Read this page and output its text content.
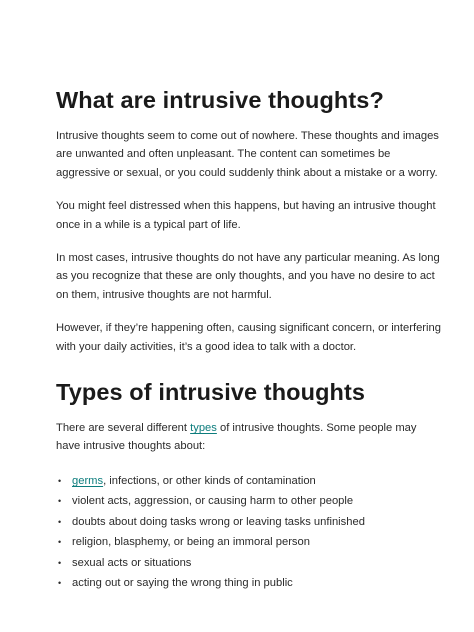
What are intrusive thoughts?

Intrusive thoughts seem to come out of nowhere. These thoughts and images
are unwanted and often unpleasant. The content can sometimes be
aggressive or sexual, or you could suddenly think about a mistake or a worry.

You might feel distressed when this happens, but having an intrusive thought
once in a while is a typical part of life.

In most cases, intrusive thoughts do not have any particular meaning. As long
as you recognize that these are only thoughts, and you have no desire to act
on them, intrusive thoughts are not harmful.

However, if they’re happening often, causing significant concern, or interfering
with your daily activities, it’s a good idea to talk with a doctor.

Types of intrusive thoughts

There are several different types of intrusive thoughts. Some people may
have intrusive thoughts about:

• germs, infections, or other kinds of contamination
• violent acts, aggression, or causing harm to other people
• doubts about doing tasks wrong or leaving tasks unfinished
• religion, blasphemy, or being an immoral person
• sexual acts or situations
• acting out or saying the wrong thing in public
